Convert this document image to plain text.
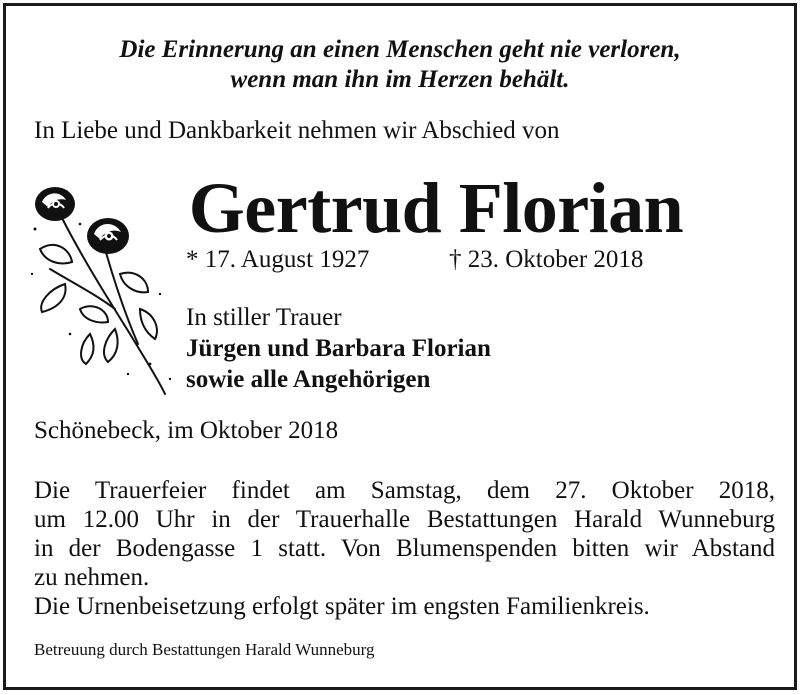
Die Erinnerung an einen Menschen geht nie verloren,
wenn man ihn im Herzen behält.
In Liebe und Dankbarkeit nehmen wir Abschied von
Gertrud Florian
* 17. August 1927	† 23. Oktober 2018
In stiller Trauer
Jürgen und Barbara Florian
sowie alle Angehörigen
Schönebeck, im Oktober 2018
Die Trauerfeier findet am Samstag, dem 27. Oktober 2018,
um 12.00 Uhr in der Trauerhalle Bestattungen Harald Wunneburg
in der Bodengasse 1 statt. Von Blumenspenden bitten wir Abstand
zu nehmen.
Die Urnenbeisetzung erfolgt später im engsten Familienkreis.
Betreuung durch Bestattungen Harald Wunneburg
